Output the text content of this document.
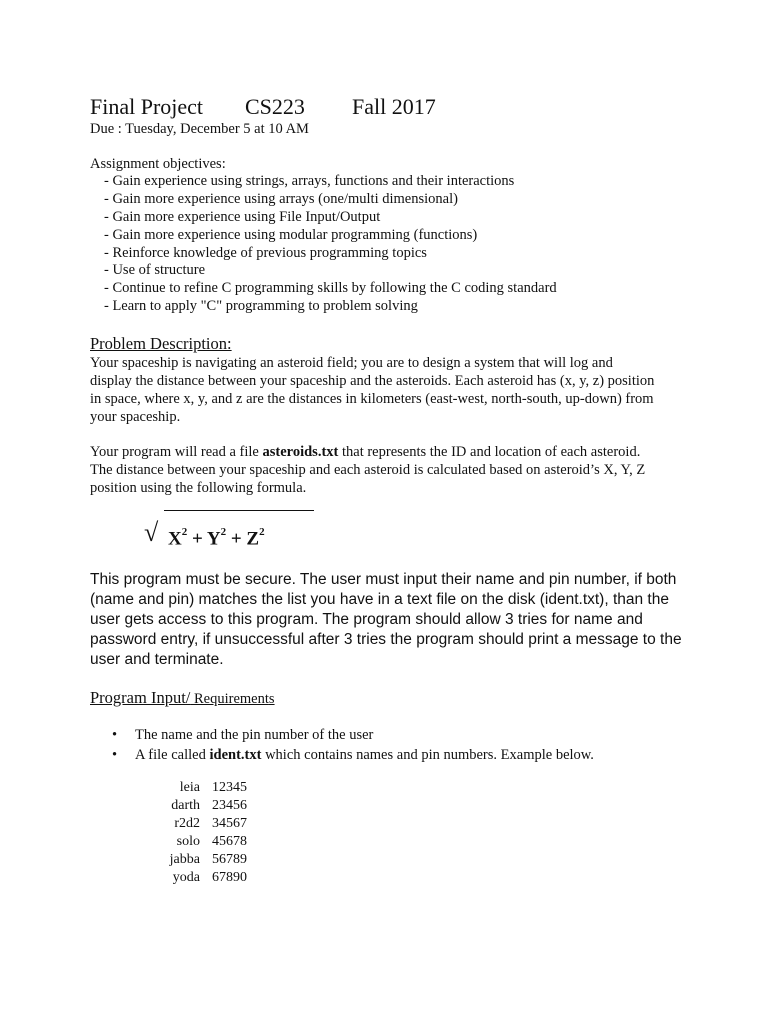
Final Project CS223 Fall 2017
Due : Tuesday, December 5 at 10 AM
Assignment objectives:
- Gain experience using strings, arrays, functions and their interactions
- Gain more experience using arrays (one/multi dimensional)
- Gain more experience using File Input/Output
- Gain more experience using modular programming (functions)
- Reinforce knowledge of previous programming topics
- Use of structure
- Continue to refine C programming skills by following the C coding standard
- Learn to apply "C" programming to problem solving
Problem Description:
Your spaceship is navigating an asteroid field; you are to design a system that will log and
display the distance between your spaceship and the asteroids. Each asteroid has (x, y, z) position
in space, where x, y, and z are the distances in kilometers (east-west, north-south, up-down) from
your spaceship.
Your program will read a file asteroids.txt that represents the ID and location of each asteroid.
The distance between your spaceship and each asteroid is calculated based on asteroid’s X, Y, Z
position using the following formula.
√ $X^2 + Y^2 + Z^2$
This program must be secure. The user must input their name and pin number, if both
(name and pin) matches the list you have in a text file on the disk (ident.txt), than the
user gets access to this program. The program should allow 3 tries for name and
password entry, if unsuccessful after 3 tries the program should print a message to the
user and terminate.
Program Input/ Requirements
• The name and the pin number of the user
• A file called ident.txt which contains names and pin numbers. Example below.
leia 12345
darth 23456
r2d2 34567
solo 45678
jabba 56789
yoda 67890
